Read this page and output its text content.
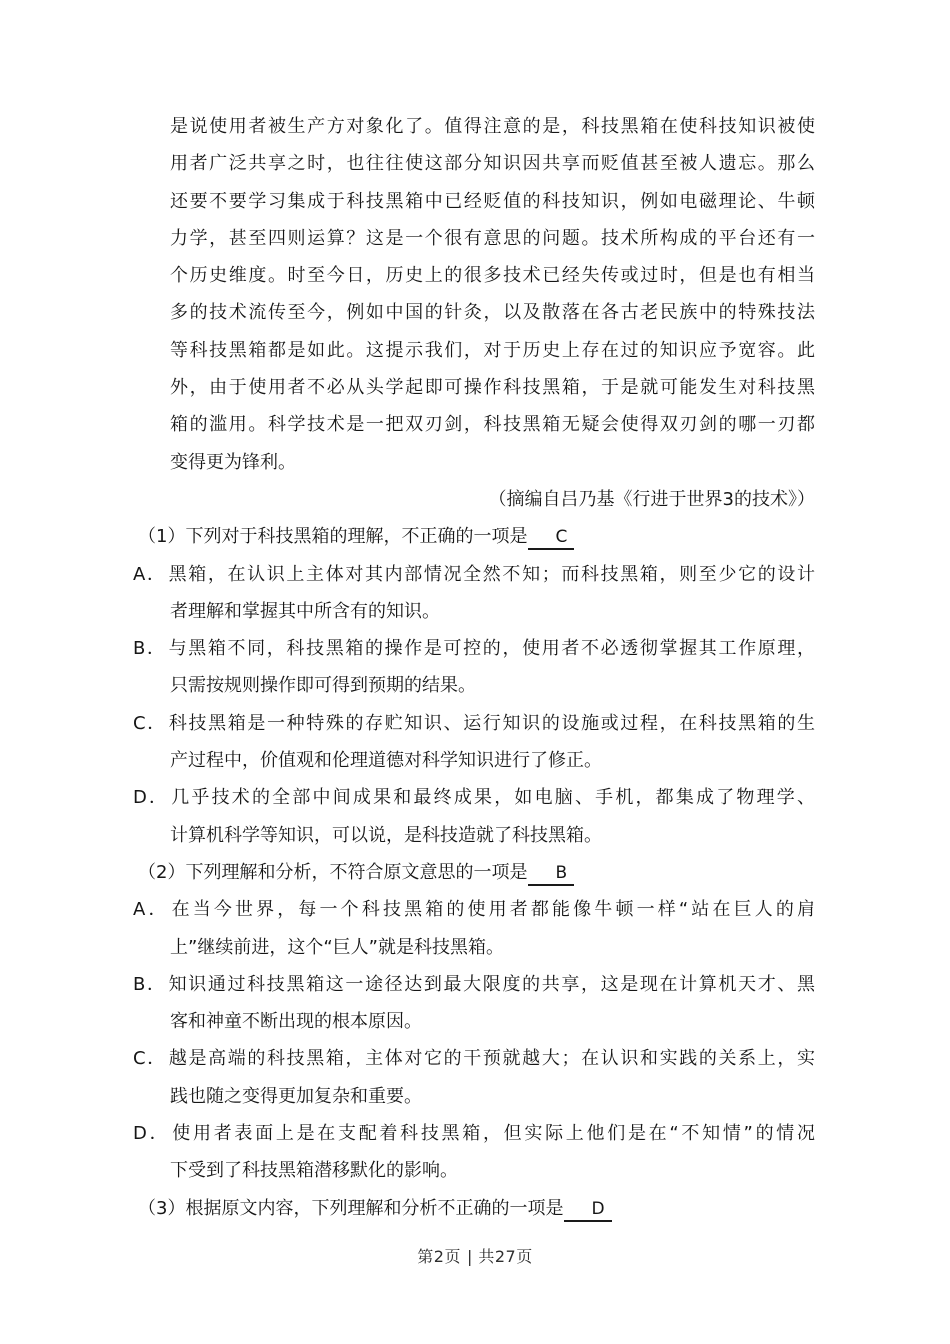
是说使用者被生产方对象化了。值得注意的是，科技黑箱在使科技知识被使
用者广泛共享之时，也往往使这部分知识因共享而贬值甚至被人遗忘。那么
还要不要学习集成于科技黑箱中已经贬值的科技知识，例如电磁理论、牛顿
力学，甚至四则运算？这是一个很有意思的问题。技术所构成的平台还有一
个历史维度。时至今日，历史上的很多技术已经失传或过时，但是也有相当
多的技术流传至今，例如中国的针灸，以及散落在各古老民族中的特殊技法
等科技黑箱都是如此。这提示我们，对于历史上存在过的知识应予宽容。此
外，由于使用者不必从头学起即可操作科技黑箱，于是就可能发生对科技黑
箱的滥用。科学技术是一把双刃剑，科技黑箱无疑会使得双刃剑的哪一刃都
变得更为锋利。
（摘编自吕乃基《行进于世界3的技术》）
（1）下列对于科技黑箱的理解，不正确的一项是 C
A． 黑箱，在认识上主体对其内部情况全然不知；而科技黑箱，则至少它的设计
者理解和掌握其中所含有的知识。
B． 与黑箱不同，科技黑箱的操作是可控的，使用者不必透彻掌握其工作原理，
只需按规则操作即可得到预期的结果。
C． 科技黑箱是一种特殊的存贮知识、运行知识的设施或过程，在科技黑箱的生
产过程中，价值观和伦理道德对科学知识进行了修正。
D． 几乎技术的全部中间成果和最终成果，如电脑、手机，都集成了物理学、
计算机科学等知识，可以说，是科技造就了科技黑箱。
（2）下列理解和分析，不符合原文意思的一项是 B
A． 在当今世界，每一个科技黑箱的使用者都能像牛顿一样“站在巨人的肩
上”继续前进，这个“巨人”就是科技黑箱。
B． 知识通过科技黑箱这一途径达到最大限度的共享，这是现在计算机天才、黑
客和神童不断出现的根本原因。
C． 越是高端的科技黑箱，主体对它的干预就越大；在认识和实践的关系上，实
践也随之变得更加复杂和重要。
D． 使用者表面上是在支配着科技黑箱，但实际上他们是在“不知情”的情况
下受到了科技黑箱潜移默化的影响。
（3）根据原文内容，下列理解和分析不正确的一项是 D
第2页 | 共27页
